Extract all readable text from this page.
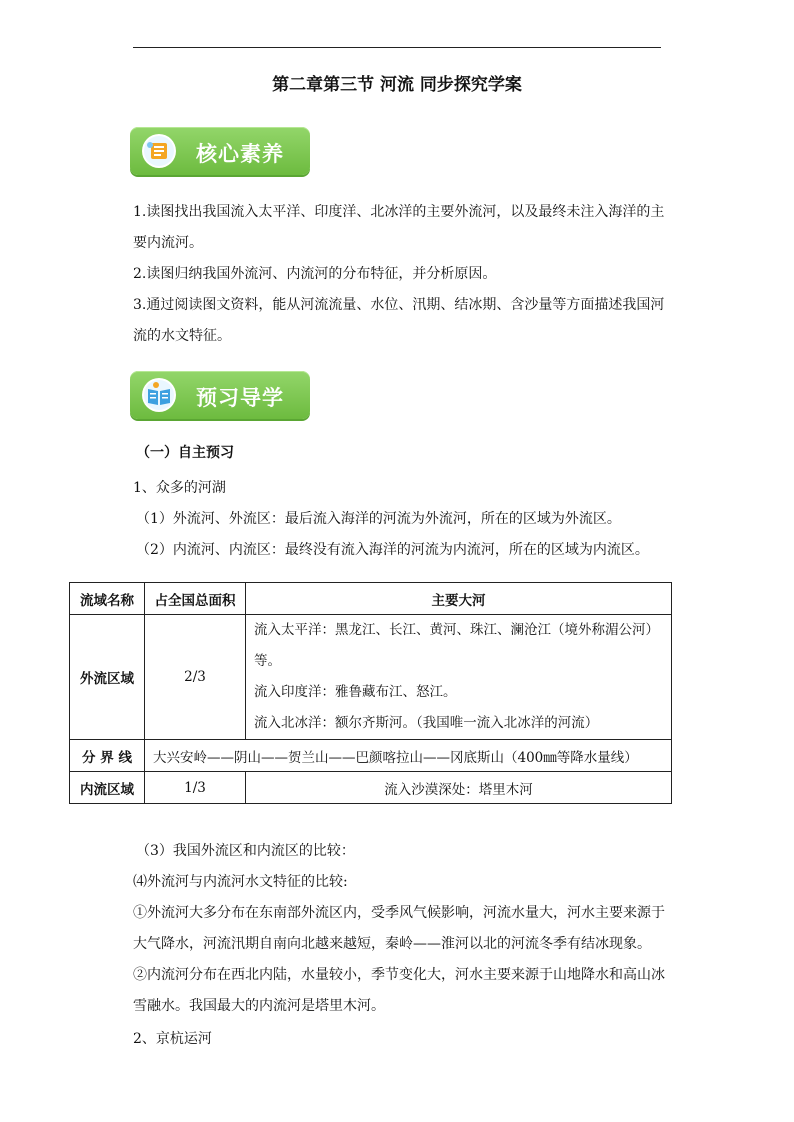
第二章第三节 河流 同步探究学案
核心素养
1.读图找出我国流入太平洋、印度洋、北冰洋的主要外流河，以及最终未注入海洋的主
要内流河。
2.读图归纳我国外流河、内流河的分布特征，并分析原因。
3.通过阅读图文资料，能从河流流量、水位、汛期、结冰期、含沙量等方面描述我国河
流的水文特征。
预习导学
（一）自主预习
1、众多的河湖
（1）外流河、外流区：最后流入海洋的河流为外流河，所在的区域为外流区。
（2）内流河、内流区：最终没有流入海洋的河流为内流河，所在的区域为内流区。
流域名称	占全国总面积	主要大河
外流区域	2/3	流入太平洋：黑龙江、长江、黄河、珠江、澜沧江（境外称湄公河）
等。
流入印度洋：雅鲁藏布江、怒江。
流入北冰洋：额尔齐斯河。（我国唯一流入北冰洋的河流）

分 界 线	大兴安岭——阴山——贺兰山——巴颜喀拉山——冈底斯山（400㎜等降水量线）	
内流区域	1/3	流入沙漠深处：塔里木河
（3）我国外流区和内流区的比较：
⑷外流河与内流河水文特征的比较:
①外流河大多分布在东南部外流区内，受季风气候影响，河流水量大，河水主要来源于
大气降水，河流汛期自南向北越来越短，秦岭——淮河以北的河流冬季有结冰现象。
②内流河分布在西北内陆，水量较小，季节变化大，河水主要来源于山地降水和高山冰
雪融水。我国最大的内流河是塔里木河。
2、京杭运河
